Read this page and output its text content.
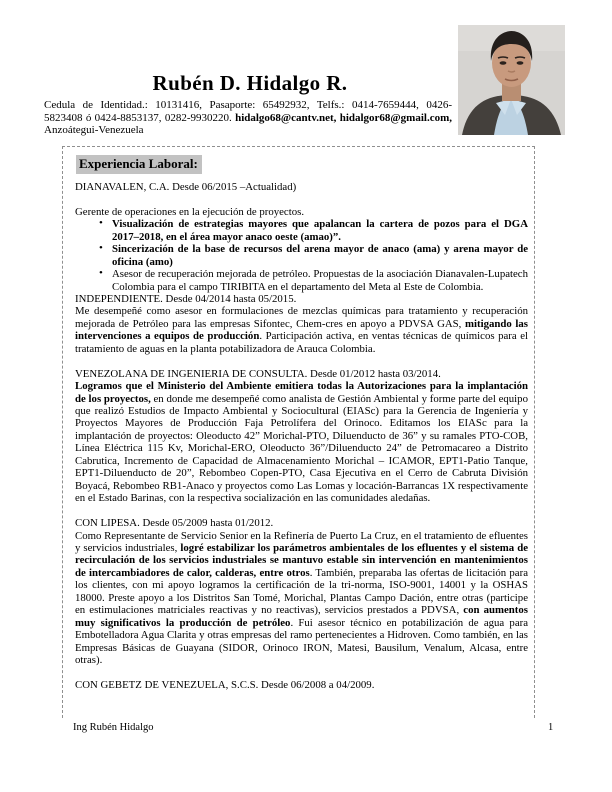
Rubén D. Hidalgo R.
Cedula de Identidad.: 10131416, Pasaporte: 65492932, Telfs.: 0414-7659444, 0426-5823408 ó 0424-8853137, 0282-9930220. hidalgo68@cantv.net, hidalgor68@gmail.com, Anzoátegui-Venezuela
Experiencia Laboral:

DIANAVALEN, C.A. Desde 06/2015 –Actualidad)

Gerente de operaciones en la ejecución de proyectos.

• Visualización de estrategias mayores que apalancan la cartera de pozos para el DGA 2017–2018, en el área mayor anaco oeste (amao)”.
• Sincerización de la base de recursos del arena mayor de anaco (ama) y arena mayor de oficina (amo)
• Asesor de recuperación mejorada de petróleo. Propuestas de la asociación Dianavalen-Lupatech Colombia para el campo TIRIBITA en el departamento del Meta al Este de Colombia.

INDEPENDIENTE. Desde 04/2014 hasta 05/2015.

Me desempeñé como asesor en formulaciones de mezclas químicas para tratamiento y recuperación mejorada de Petróleo para las empresas Sifontec, Chem-cres en apoyo a PDVSA GAS, mitigando las intervenciones a equipos de producción. Participación activa, en ventas técnicas de químicos para el tratamiento de aguas en la planta potabilizadora de Arauca Colombia.

VENEZOLANA DE INGENIERIA DE CONSULTA. Desde 01/2012 hasta 03/2014.

Logramos que el Ministerio del Ambiente emitiera todas la Autorizaciones para la implantación de los proyectos, en donde me desempeñé como analista de Gestión Ambiental y forme parte del equipo que realizó Estudios de Impacto Ambiental y Sociocultural (EIASc) para la Gerencia de Ingeniería y Proyectos Mayores de Producción Faja Petrolífera del Orinoco. Editamos los EIASc para la implantación de proyectos: Oleoducto 42” Morichal-PTO, Diluenducto de 36” y su ramales PTO-COB, Línea Eléctrica 115 Kv, Morichal-ERO, Oleoducto 36”/Diluenducto 24” de Petromacareo a Distrito Cabrutica, Incremento de Capacidad de Almacenamiento Morichal – ICAMOR, EPT1-Patio Tanque, EPT1-Diluenducto de 20”, Rebombeo Copen-PTO, Casa Ejecutiva en el Cerro de Cabruta División Boyacá, Rebombeo RB1-Anaco y proyectos como Las Lomas y locación-Barrancas 1X respectivamente en el Estado Barinas, con la respectiva socialización en las comunidades aledañas.

CON LIPESA. Desde 05/2009 hasta 01/2012.

Como Representante de Servicio Senior en la Refinería de Puerto La Cruz, en el tratamiento de efluentes y servicios industriales, logré estabilizar los parámetros ambientales de los efluentes y el sistema de recirculación de los servicios industriales se mantuvo estable sin intervención en mantenimientos de intercambiadores de calor, calderas, entre otros. También, preparaba las ofertas de licitación para los clientes, con mi apoyo logramos la certificación de la tri-norma, ISO-9001, 14001 y la OSHAS 18000. Preste apoyo a los Distritos San Tomé, Morichal, Plantas Campo Dación, entre otras (participe en estimulaciones matriciales reactivas y no reactivas), servicios prestados a PDVSA, con aumentos muy significativos la producción de petróleo. Fui asesor técnico en potabilización de agua para Embotelladora Agua Clarita y otras empresas del ramo pertenecientes a Hidroven. Como también, en las Empresas Básicas de Guayana (SIDOR, Orinoco IRON, Matesi, Bausilum, Venalum, Alcasa, entre otras).

CON GEBETZ DE VENEZUELA, S.C.S. Desde 06/2008 a 04/2009.

Ing Rubén Hidalgo	1
